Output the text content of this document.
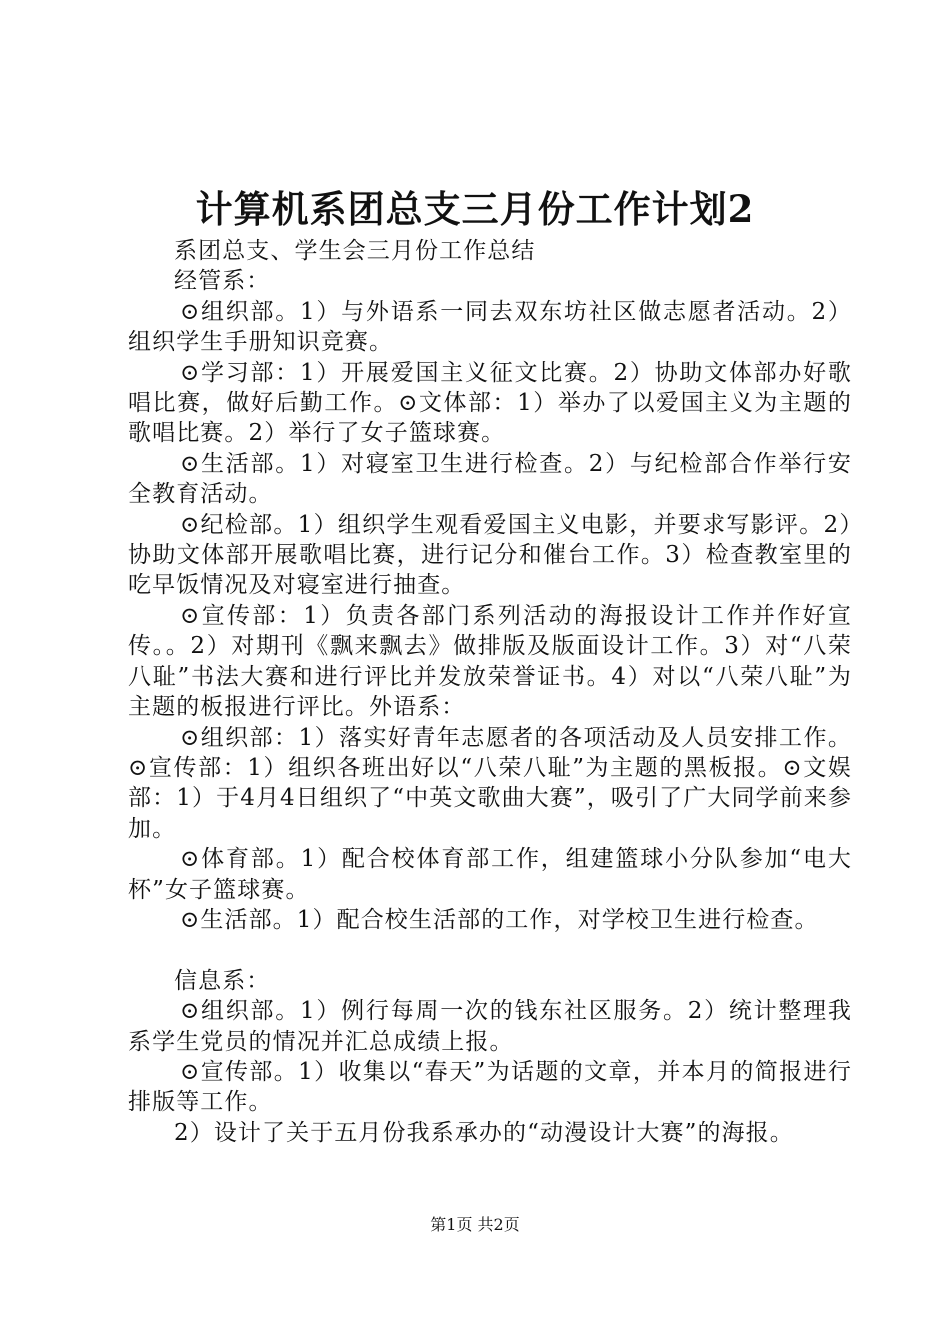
计算机系团总支三月份工作计划2

系团总支、学生会三月份工作总结

经管系：

⊙组织部。1）与外语系一同去双东坊社区做志愿者活动。2）组织学生手册知识竞赛。

⊙学习部：1）开展爱国主义征文比赛。2）协助文体部办好歌唱比赛，做好后勤工作。⊙文体部：1）举办了以爱国主义为主题的歌唱比赛。2）举行了女子篮球赛。

⊙生活部。1）对寝室卫生进行检查。2）与纪检部合作举行安全教育活动。

⊙纪检部。1）组织学生观看爱国主义电影，并要求写影评。2）协助文体部开展歌唱比赛，进行记分和催台工作。3）检查教室里的吃早饭情况及对寝室进行抽查。

⊙宣传部：1）负责各部门系列活动的海报设计工作并作好宣传。。2）对期刊《飘来飘去》做排版及版面设计工作。3）对“八荣八耻”书法大赛和进行评比并发放荣誉证书。4）对以“八荣八耻”为主题的板报进行评比。外语系：

⊙组织部：1）落实好青年志愿者的各项活动及人员安排工作。⊙宣传部：1）组织各班出好以“八荣八耻”为主题的黑板报。⊙文娱部：1）于4月4日组织了“中英文歌曲大赛”，吸引了广大同学前来参加。

⊙体育部。1）配合校体育部工作，组建篮球小分队参加“电大杯”女子篮球赛。

⊙生活部。1）配合校生活部的工作，对学校卫生进行检查。

信息系：

⊙组织部。1）例行每周一次的钱东社区服务。2）统计整理我系学生党员的情况并汇总成绩上报。

⊙宣传部。1）收集以“春天”为话题的文章，并本月的简报进行排版等工作。

2）设计了关于五月份我系承办的“动漫设计大赛”的海报。

第1页 共2页
